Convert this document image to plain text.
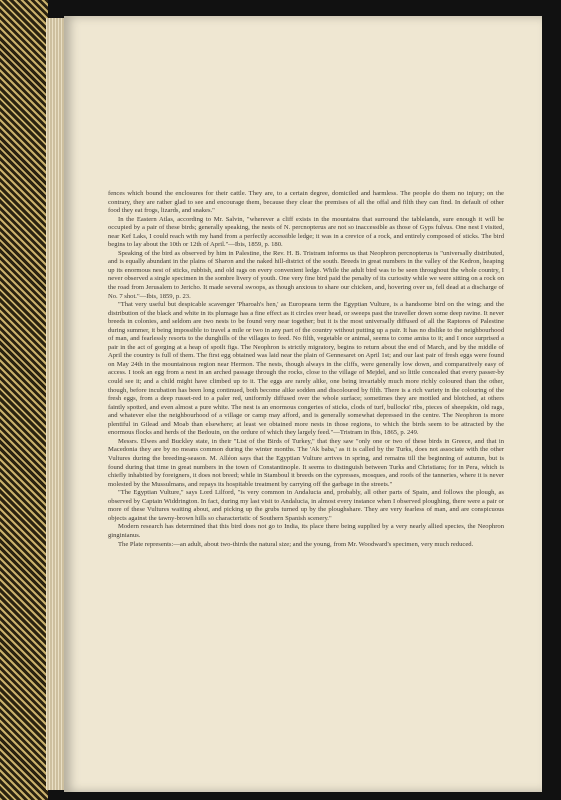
fences which bound the enclosures for their cattle. They are, to a certain degree, domiciled and harmless. The people do them no injury; on the contrary, they are rather glad to see and encourage them, because they clear the premises of all the offal and filth they can find. In default of other food they eat frogs, lizards, and snakes."

In the Eastern Atlas, according to Mr. Salvin, "wherever a cliff exists in the mountains that surround the tablelands, sure enough it will be occupied by a pair of these birds; generally speaking, the nests of N. percnopterus are not so inaccessible as those of Gyps fulvus. One nest I visited, near Kef Laks, I could reach with my hand from a perfectly accessible ledge; it was in a crevice of a rock, and entirely composed of sticks. The bird begins to lay about the 10th or 12th of April."—Ibis, 1859, p. 180.

Speaking of the bird as observed by him in Palestine, the Rev. H. B. Tristram informs us that Neophron percnopterus is "universally distributed, and is equally abundant in the plains of Sharon and the naked hill-district of the south. Breeds in great numbers in the valley of the Kedron, heaping up its enormous nest of sticks, rubbish, and old rags on every convenient ledge. While the adult bird was to be seen throughout the whole country, I never observed a single specimen in the sombre livery of youth. One very fine bird paid the penalty of its curiosity while we were sitting on a rock on the road from Jerusalem to Jericho. It made several swoops, as though anxious to share our chicken, and, hovering over us, fell dead at a discharge of No. 7 shot."—Ibis, 1859, p. 23.

"That very useful but despicable scavenger 'Pharoah's hen,' as Europeans term the Egyptian Vulture, is a handsome bird on the wing; and the distribution of the black and white in its plumage has a fine effect as it circles over head, or sweeps past the traveller down some deep ravine. It never breeds in colonies, and seldom are two nests to be found very near together; but it is the most universally diffused of all the Raptores of Palestine during summer, it being impossible to travel a mile or two in any part of the country without putting up a pair. It has no dislike to the neighbourhood of man, and fearlessly resorts to the dunghills of the villages to feed. No filth, vegetable or animal, seems to come amiss to it; and I once surprised a pair in the act of gorging at a heap of spoilt figs. The Neophron is strictly migratory, begins to return about the end of March, and by the middle of April the country is full of them. The first egg obtained was laid near the plain of Gennesaret on April 1st; and our last pair of fresh eggs were found on May 24th in the mountainous region near Hermon. The nests, though always in the cliffs, were generally low down, and comparatively easy of access. I took an egg from a nest in an arched passage through the rocks, close to the village of Mejdel, and so little concealed that every passer-by could see it; and a child might have climbed up to it. The eggs are rarely alike, one being invariably much more richly coloured than the other, though, before incubation has been long continued, both become alike sodden and discoloured by filth. There is a rich variety in the colouring of the fresh eggs, from a deep russet-red to a paler red, uniformly diffused over the whole surface; sometimes they are mottled and blotched, at others faintly spotted, and even almost a pure white. The nest is an enormous congeries of sticks, clods of turf, bullocks' ribs, pieces of sheepskin, old rags, and whatever else the neighbourhood of a village or camp may afford, and is generally somewhat depressed in the centre. The Neophron is more plentiful in Gilead and Moab than elsewhere; at least we obtained more nests in those regions, to which the birds seem to be attracted by the enormous flocks and herds of the Bedouin, on the ordure of which they largely feed."—Tristram in Ibis, 1865, p. 249.

Messrs. Elwes and Buckley state, in their "List of the Birds of Turkey," that they saw "only one or two of these birds in Greece, and that in Macedonia they are by no means common during the winter months. The 'Ak baba,' as it is called by the Turks, does not associate with the other Vultures during the breeding-season. M. Alléon says that the Egyptian Vulture arrives in spring, and remains till the beginning of autumn, but is found during that time in great numbers in the town of Constantinople. It seems to distinguish between Turks and Christians; for in Pera, which is chiefly inhabited by foreigners, it does not breed; while in Stamboul it breeds on the cypresses, mosques, and roofs of the tanneries, where it is never molested by the Mussulmans, and repays its hospitable treatment by carrying off the garbage in the streets."

"The Egyptian Vulture," says Lord Lilford, "is very common in Andalucia and, probably, all other parts of Spain, and follows the plough, as observed by Captain Widdrington. In fact, during my last visit to Andalucia, in almost every instance when I observed ploughing, there were a pair or more of these Vultures waiting about, and picking up the grubs turned up by the ploughshare. They are very fearless of man, and are conspicuous objects against the tawny-brown hills so characteristic of Southern Spanish scenery."

Modern research has determined that this bird does not go to India, its place there being supplied by a very nearly allied species, the Neophron ginginianus.

The Plate represents:—an adult, about two-thirds the natural size; and the young, from Mr. Woodward's specimen, very much reduced.
